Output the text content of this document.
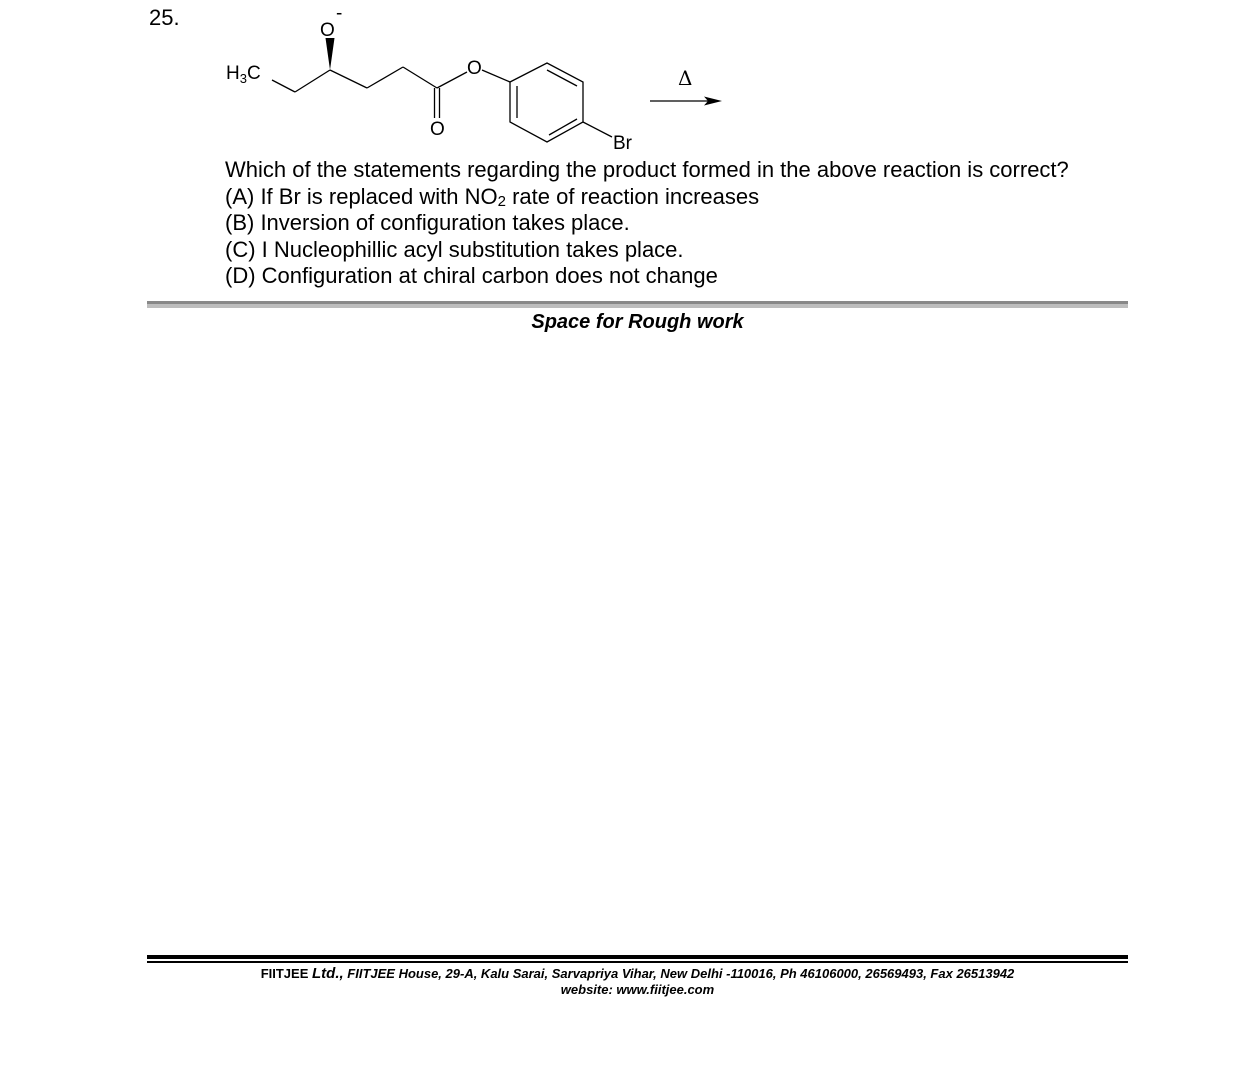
25.
$H_3C$
O
-
O
O
Br
Δ
Which of the statements regarding the product formed in the above reaction is correct?
(A) If Br is replaced with $NO_2$ rate of reaction increases
(B) Inversion of configuration takes place.
(C) I Nucleophillic acyl substitution takes place.
(D) Configuration at chiral carbon does not change
Space for Rough work
FIITJEE Ltd., FIITJEE House, 29-A, Kalu Sarai, Sarvapriya Vihar, New Delhi -110016, Ph 46106000, 26569493, Fax 26513942
website: www.fiitjee.com
